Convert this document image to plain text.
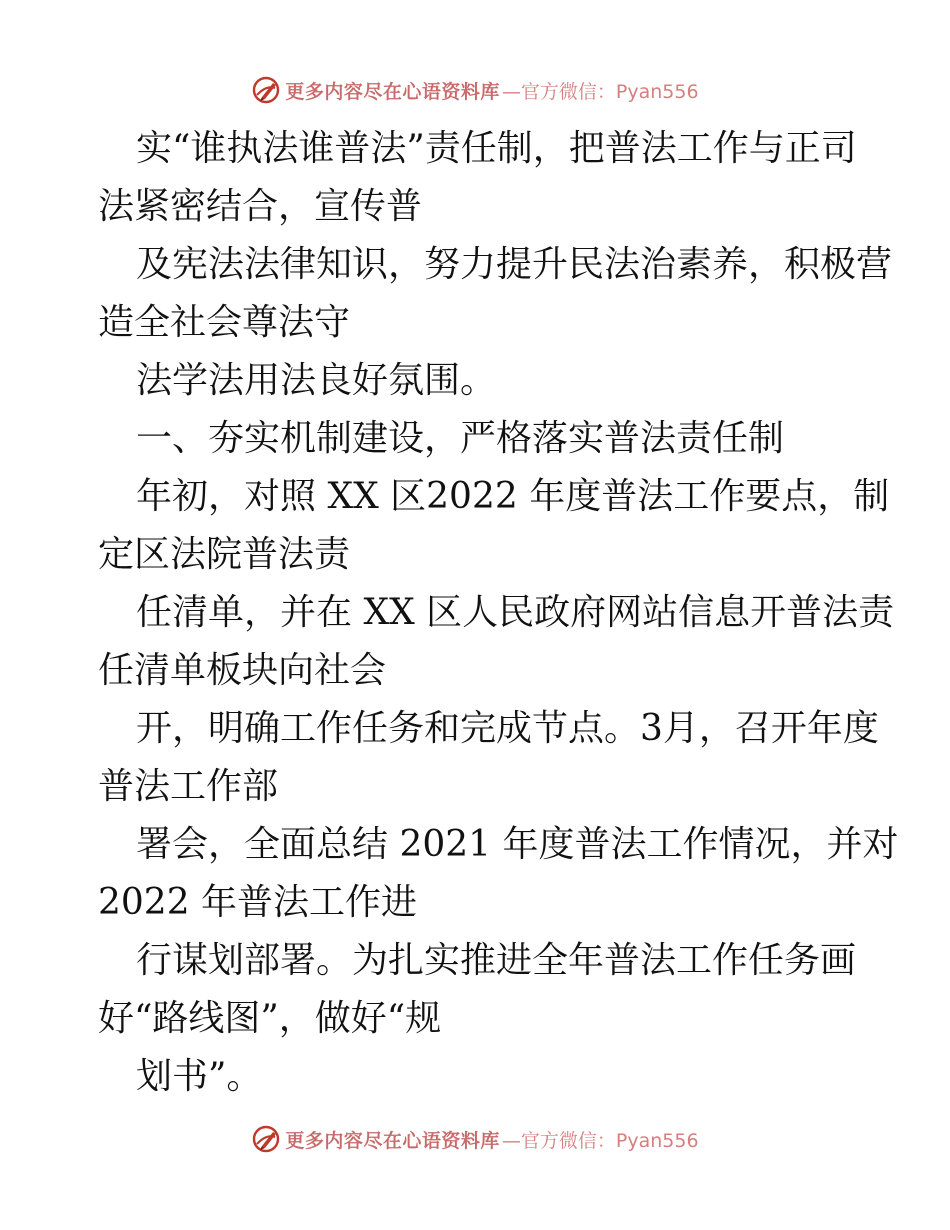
更多内容尽在心语资料库 —官方微信：Pyan556
实“谁执法谁普法”责任制，把普法工作与正司
法紧密结合，宣传普
及宪法法律知识，努力提升民法治素养，积极营
造全社会尊法守
法学法用法良好氛围。
一、夯实机制建设，严格落实普法责任制
年初，对照 XX 区2022 年度普法工作要点，制
定区法院普法责
任清单，并在 XX 区人民政府网站信息开普法责
任清单板块向社会
开，明确工作任务和完成节点。3月，召开年度
普法工作部
署会，全面总结 2021 年度普法工作情况，并对
2022 年普法工作进
行谋划部署。为扎实推进全年普法工作任务画
好“路线图”，做好“规
划书”。
更多内容尽在心语资料库 —官方微信：Pyan556
